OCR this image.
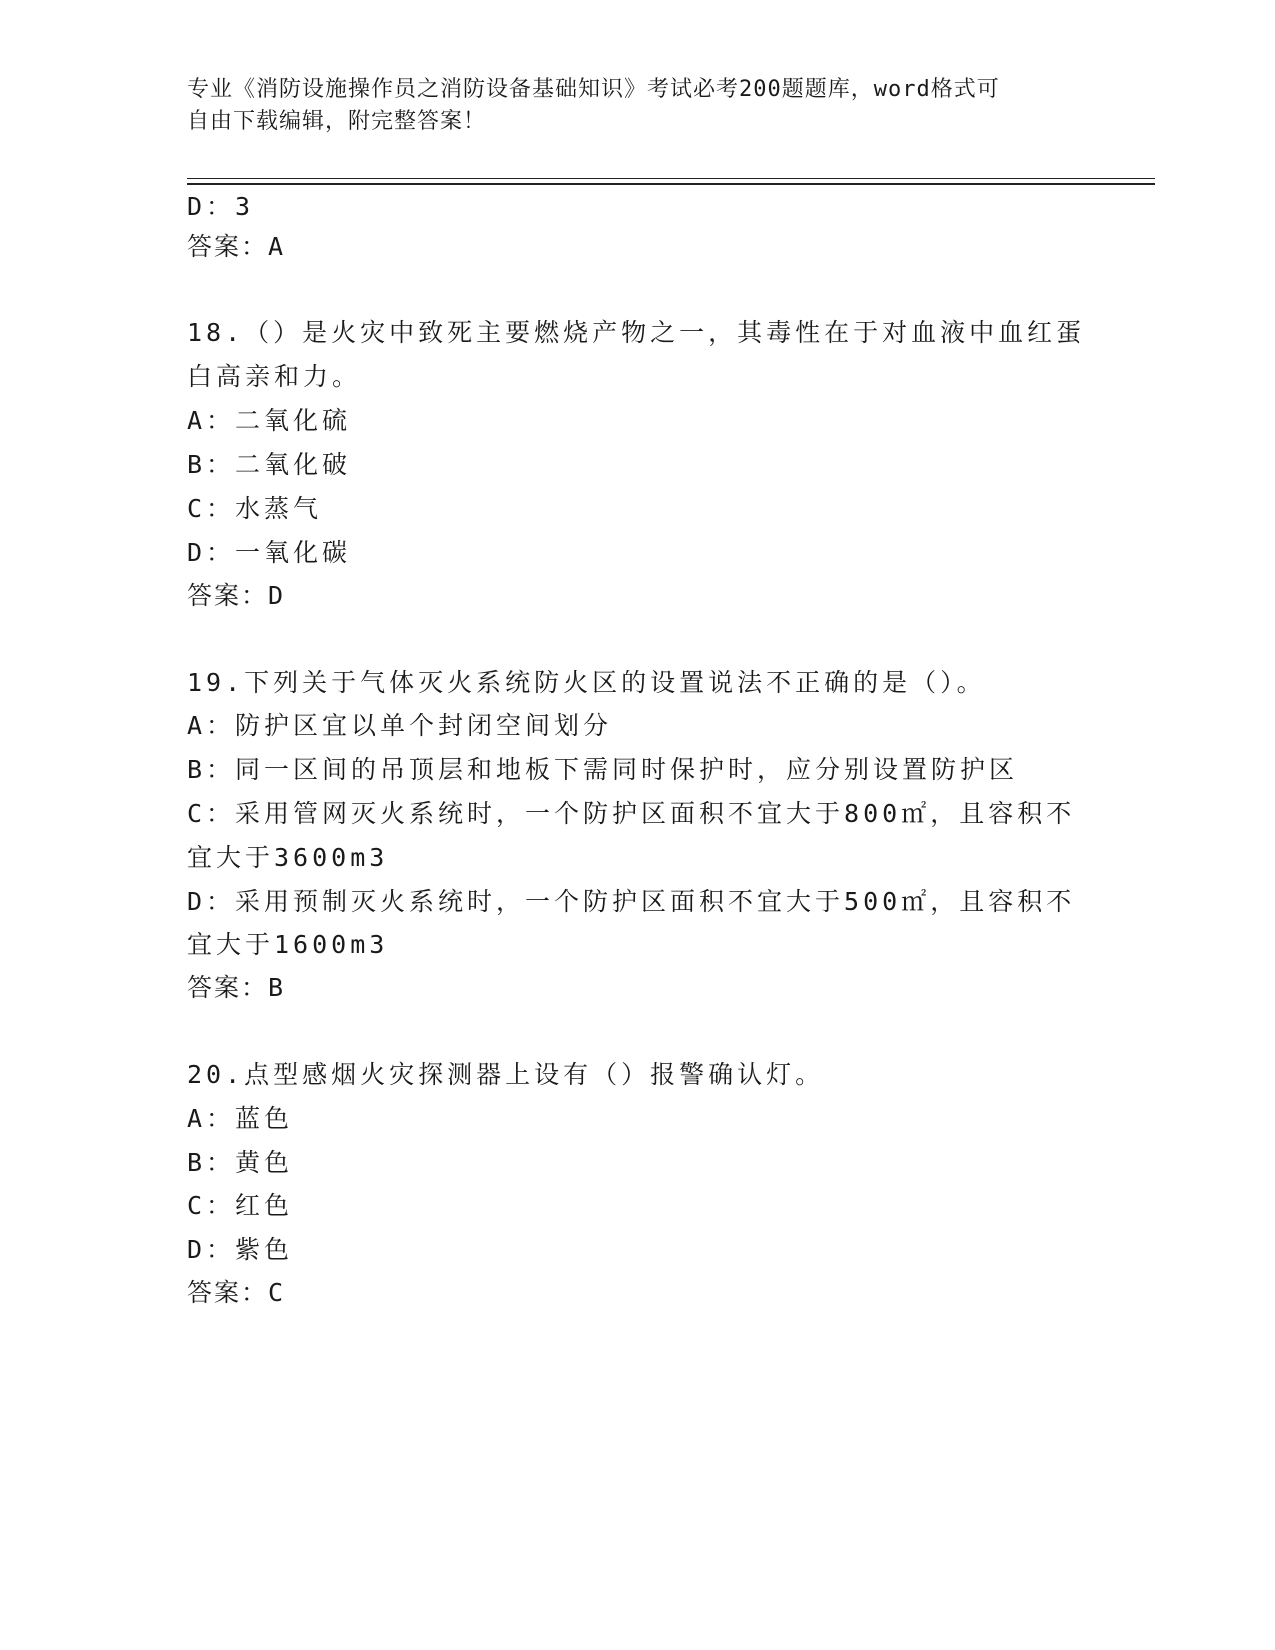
专业《消防设施操作员之消防设备基础知识》考试必考200题题库，word格式可
自由下载编辑，附完整答案！
D：3
答案：A
18.（）是火灾中致死主要燃烧产物之一，其毒性在于对血液中血红蛋
白高亲和力。
A：二氧化硫
B：二氧化破
C：水蒸气
D：一氧化碳
答案：D
19.下列关于气体灭火系统防火区的设置说法不正确的是（）。
A：防护区宜以单个封闭空间划分
B：同一区间的吊顶层和地板下需同时保护时，应分别设置防护区
C：采用管网灭火系统时，一个防护区面积不宜大于800㎡，且容积不
宜大于3600m3
D：采用预制灭火系统时，一个防护区面积不宜大于500㎡，且容积不
宜大于1600m3
答案：B
20.点型感烟火灾探测器上设有（）报警确认灯。
A：蓝色
B：黄色
C：红色
D：紫色
答案：C
